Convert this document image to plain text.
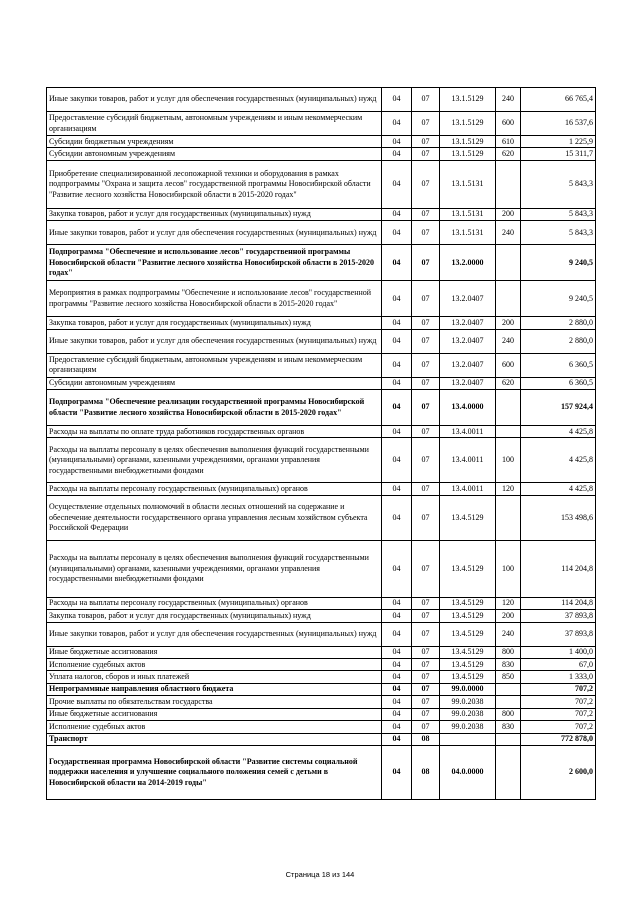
Иные закупки товаров, работ и услуг для обеспечения государственных (муниципальных) нужд	04	07	13.1.5129	240	66 765,4
Предоставление субсидий бюджетным, автономным учреждениям и иным некоммерческим организациям	04	07	13.1.5129	600	16 537,6
Субсидии бюджетным учреждениям	04	07	13.1.5129	610	1 225,9
Субсидии автономным учреждениям	04	07	13.1.5129	620	15 311,7
Приобретение специализированной лесопожарной техники и оборудования в рамках подпрограммы "Охрана и защита лесов" государственной программы Новосибирской области "Развитие лесного хозяйства Новосибирской области в 2015-2020 годах"	04	07	13.1.5131		5 843,3
Закупка товаров, работ и услуг для государственных (муниципальных) нужд	04	07	13.1.5131	200	5 843,3
Иные закупки товаров, работ и услуг для обеспечения государственных (муниципальных) нужд	04	07	13.1.5131	240	5 843,3
Подпрограмма "Обеспечение и использование лесов" государственной программы Новосибирской области "Развитие лесного хозяйства Новосибирской области в 2015-2020 годах"	04	07	13.2.0000		9 240,5
Мероприятия в рамках подпрограммы "Обеспечение и использование лесов" государственной программы "Развитие лесного хозяйства Новосибирской области в 2015-2020 годах"	04	07	13.2.0407		9 240,5
Закупка товаров, работ и услуг для государственных (муниципальных) нужд	04	07	13.2.0407	200	2 880,0
Иные закупки товаров, работ и услуг для обеспечения государственных (муниципальных) нужд	04	07	13.2.0407	240	2 880,0
Предоставление субсидий бюджетным, автономным учреждениям и иным некоммерческим организациям	04	07	13.2.0407	600	6 360,5
Субсидии автономным учреждениям	04	07	13.2.0407	620	6 360,5
Подпрограмма "Обеспечение реализации государственной программы Новосибирской области "Развитие лесного хозяйства Новосибирской области в 2015-2020 годах"	04	07	13.4.0000		157 924,4
Расходы на выплаты по оплате труда работников государственных органов	04	07	13.4.0011		4 425,8
Расходы на выплаты персоналу в целях обеспечения выполнения функций государственными (муниципальными) органами, казенными учреждениями, органами управления государственными внебюджетными фондами	04	07	13.4.0011	100	4 425,8
Расходы на выплаты персоналу государственных (муниципальных) органов	04	07	13.4.0011	120	4 425,8
Осуществление отдельных полномочий в области лесных отношений на содержание и обеспечение деятельности государственного органа управления лесным хозяйством субъекта Российской Федерации	04	07	13.4.5129		153 498,6
Расходы на выплаты персоналу в целях обеспечения выполнения функций государственными (муниципальными) органами, казенными учреждениями, органами управления государственными внебюджетными фондами	04	07	13.4.5129	100	114 204,8
Расходы на выплаты персоналу государственных (муниципальных) органов	04	07	13.4.5129	120	114 204,8
Закупка товаров, работ и услуг для государственных (муниципальных) нужд	04	07	13.4.5129	200	37 893,8
Иные закупки товаров, работ и услуг для обеспечения государственных (муниципальных) нужд	04	07	13.4.5129	240	37 893,8
Иные бюджетные ассигнования	04	07	13.4.5129	800	1 400,0
Исполнение судебных актов	04	07	13.4.5129	830	67,0
Уплата налогов, сборов и иных платежей	04	07	13.4.5129	850	1 333,0
Непрограммные направления областного бюджета	04	07	99.0.0000		707,2
Прочие выплаты по обязательствам государства	04	07	99.0.2038		707,2
Иные бюджетные ассигнования	04	07	99.0.2038	800	707,2
Исполнение судебных актов	04	07	99.0.2038	830	707,2
Транспорт	04	08			772 878,0
Государственная программа Новосибирской области "Развитие системы социальной поддержки населения и улучшение социального положения семей с детьми в Новосибирской области на 2014-2019 годы"	04	08	04.0.0000		2 600,0
Страница 18 из 144
